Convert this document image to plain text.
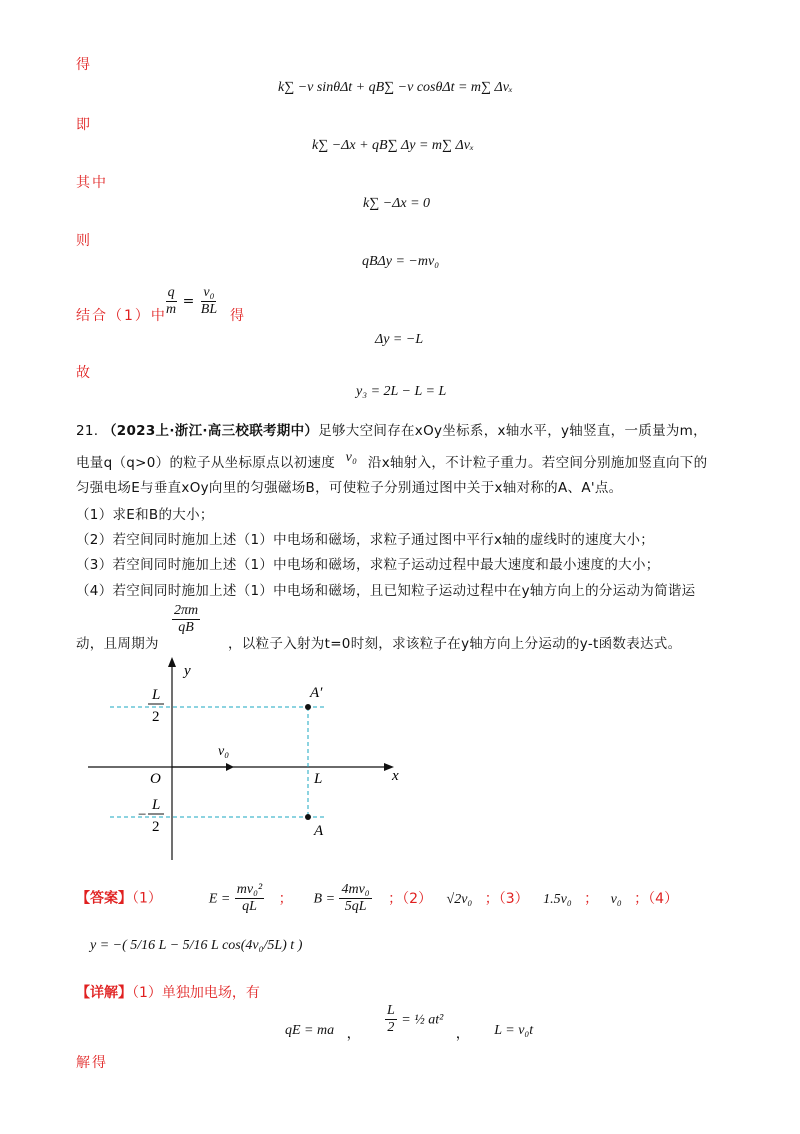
得
k∑ −v sinθΔt + qB∑ −v cosθΔt = m∑ Δvₓ
即
k∑ −Δx + qB∑ Δy = m∑ Δvₓ
其中
k∑ −Δx = 0
则
qBΔy = −mv₀
结合（1）中
$\frac{q}{m} = \frac{\text{v₀}}{BL}$ 得
Δy = −L
故
y₃ = 2L − L = L
21. （2023上·浙江·高三校联考期中）足够大空间存在xOy坐标系，x轴水平，y轴竖直，一质量为m，
电量q（q>0）的粒子从坐标原点以初速度 v₀ 沿x轴射入，不计粒子重力。若空间分别施加竖直向下的
匀强电场E与垂直xOy向里的匀强磁场B，可使粒子分别通过图中关于x轴对称的A、A'点。
（1）求E和B的大小；
（2）若空间同时施加上述（1）中电场和磁场，求粒子通过图中平行x轴的虚线时的速度大小；
（3）若空间同时施加上述（1）中电场和磁场，求粒子运动过程中最大速度和最小速度的大小；
（4）若空间同时施加上述（1）中电场和磁场，且已知粒子运动过程中在y轴方向上的分运动为简谐运
动，且周期为
$\frac{2\pi m}{qB}$
，以粒子入射为t=0时刻，求该粒子在y轴方向上分运动的y-t函数表达式。
y
x
O	L
v₀
A′
A
L
2
−
L
2
【答案】（1）	$E = \frac{\text{mv₀²}}{qL}$ ； $B = \frac{\text{4mv₀}}{5qL}$ ；（2） √2v₀ ；（3） 1.5v₀ ； v₀ ；（4）
y = −( 5/16 L − 5/16 L cos(4v₀/5L) t )
【详解】（1）单独加电场，有
qE = ma ， $\frac{L}{2}$ = ½ at² ， L = v₀t
解得
